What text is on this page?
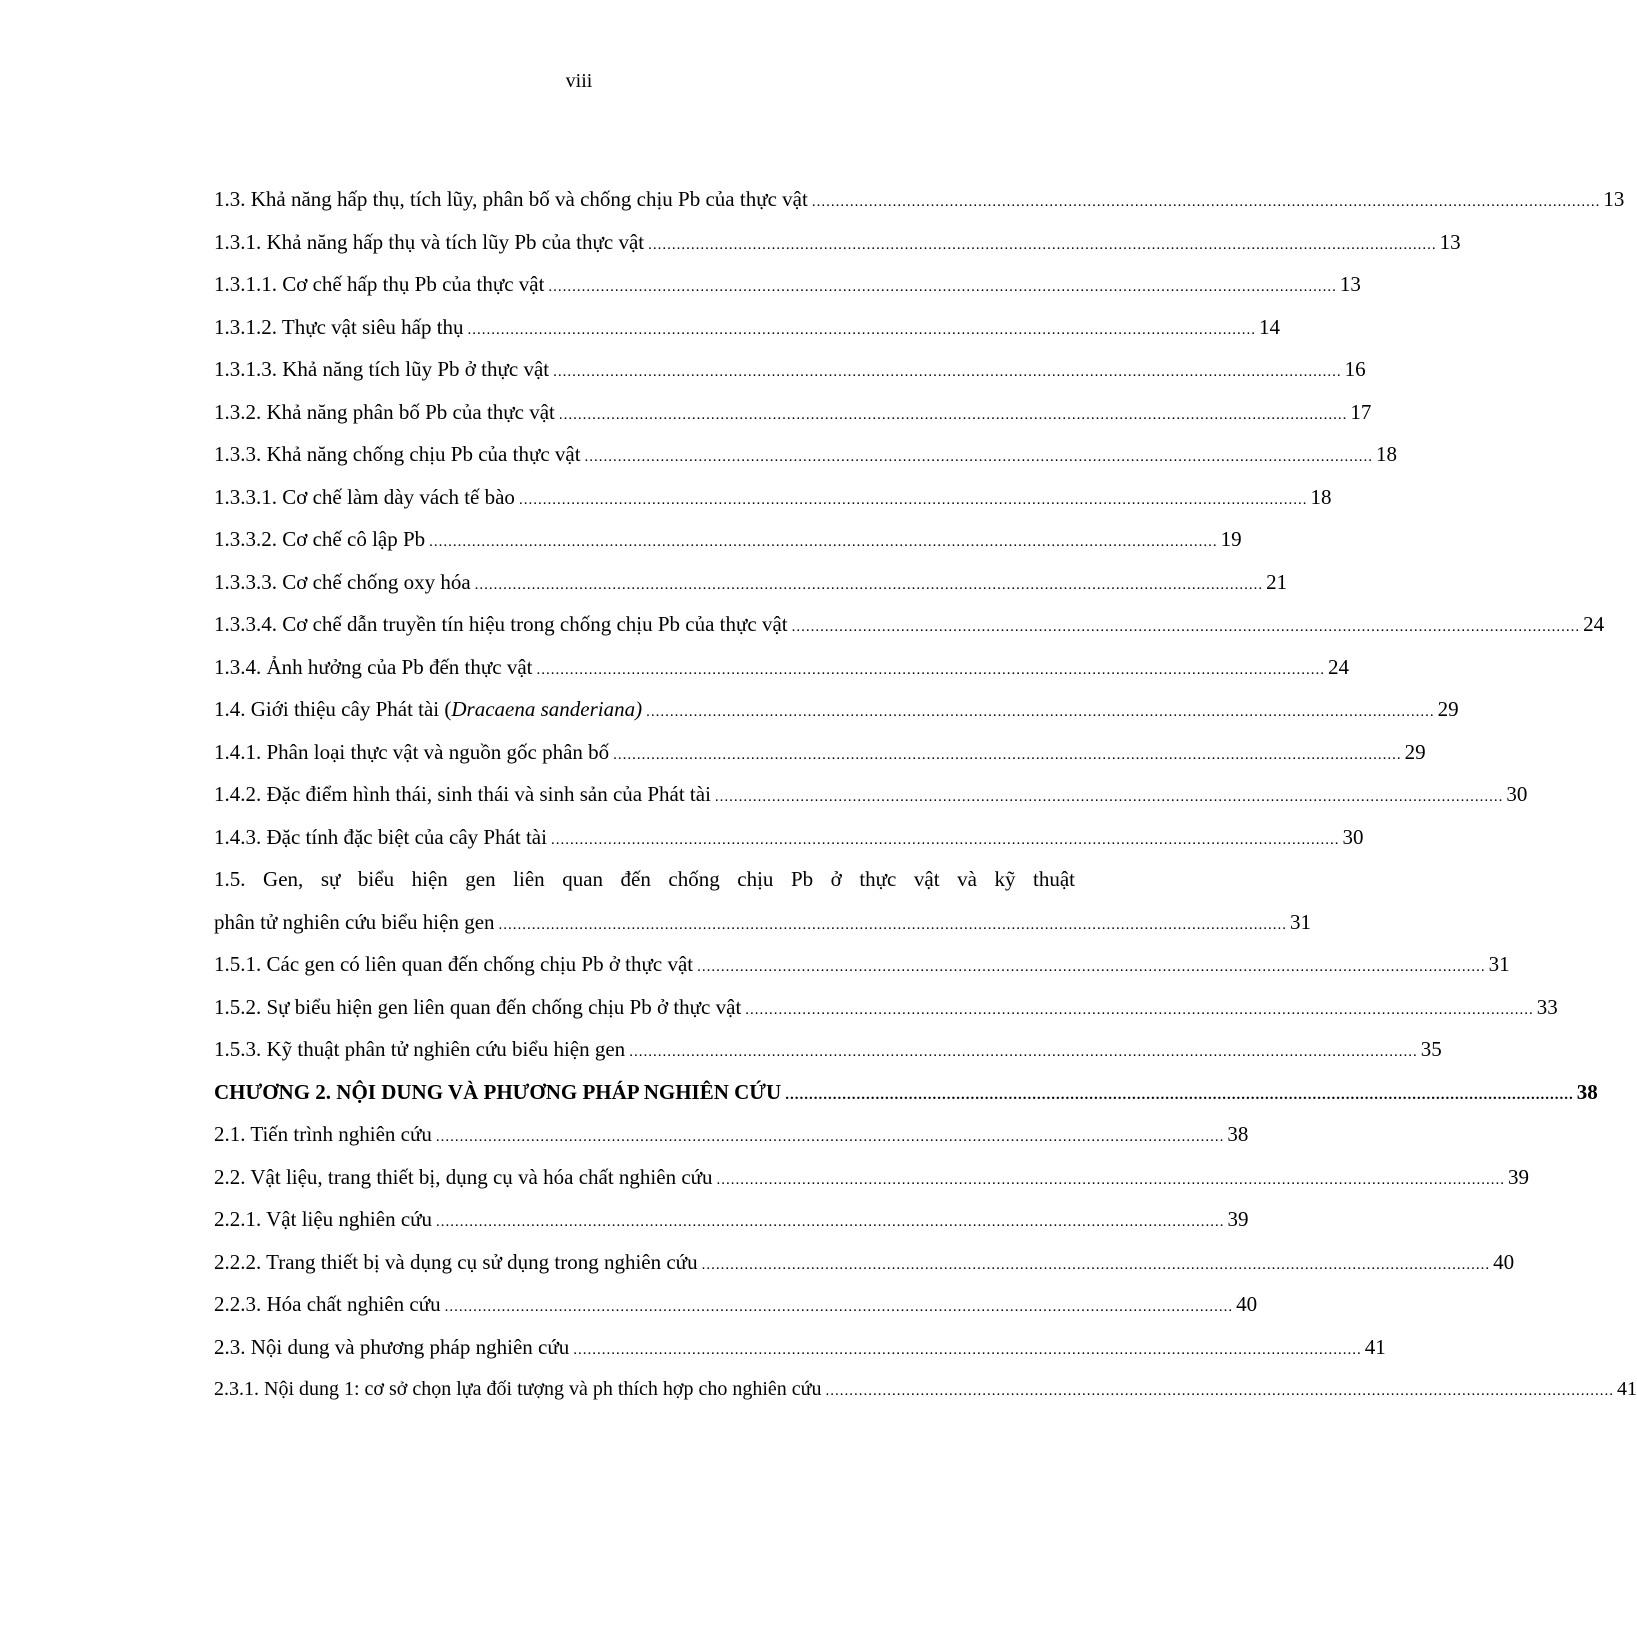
viii
1.3. Khả năng hấp thụ, tích lũy, phân bố và chống chịu Pb của thực vật ...................................................................................................................................................................... 13
1.3.1. Khả năng hấp thụ và tích lũy Pb của thực vật ...................................................................................................................................................................... 13
1.3.1.1. Cơ chế hấp thụ Pb của thực vật ...................................................................................................................................................................... 13
1.3.1.2. Thực vật siêu hấp thụ ...................................................................................................................................................................... 14
1.3.1.3. Khả năng tích lũy Pb ở thực vật ...................................................................................................................................................................... 16
1.3.2. Khả năng phân bố Pb của thực vật ...................................................................................................................................................................... 17
1.3.3. Khả năng chống chịu Pb của thực vật ...................................................................................................................................................................... 18
1.3.3.1. Cơ chế làm dày vách tế bào ...................................................................................................................................................................... 18
1.3.3.2. Cơ chế cô lập Pb ...................................................................................................................................................................... 19
1.3.3.3. Cơ chế chống oxy hóa ...................................................................................................................................................................... 21
1.3.3.4. Cơ chế dẫn truyền tín hiệu trong chống chịu Pb của thực vật ...................................................................................................................................................................... 24
1.3.4. Ảnh hưởng của Pb đến thực vật ...................................................................................................................................................................... 24
1.4. Giới thiệu cây Phát tài (Dracaena sanderiana) ...................................................................................................................................................................... 29
1.4.1. Phân loại thực vật và nguồn gốc phân bố ...................................................................................................................................................................... 29
1.4.2. Đặc điểm hình thái, sinh thái và sinh sản của Phát tài ...................................................................................................................................................................... 30
1.4.3. Đặc tính đặc biệt của cây Phát tài ...................................................................................................................................................................... 30
1.5. Gen, sự biểu hiện gen liên quan đến chống chịu Pb ở thực vật và kỹ thuật
phân tử nghiên cứu biểu hiện gen ...................................................................................................................................................................... 31
1.5.1. Các gen có liên quan đến chống chịu Pb ở thực vật ...................................................................................................................................................................... 31
1.5.2. Sự biểu hiện gen liên quan đến chống chịu Pb ở thực vật ...................................................................................................................................................................... 33
1.5.3. Kỹ thuật phân tử nghiên cứu biểu hiện gen ...................................................................................................................................................................... 35
CHƯƠNG 2. NỘI DUNG VÀ PHƯƠNG PHÁP NGHIÊN CỨU ...................................................................................................................................................................... 38
2.1. Tiến trình nghiên cứu ...................................................................................................................................................................... 38
2.2. Vật liệu, trang thiết bị, dụng cụ và hóa chất nghiên cứu ...................................................................................................................................................................... 39
2.2.1. Vật liệu nghiên cứu ...................................................................................................................................................................... 39
2.2.2. Trang thiết bị và dụng cụ sử dụng trong nghiên cứu ...................................................................................................................................................................... 40
2.2.3. Hóa chất nghiên cứu ...................................................................................................................................................................... 40
2.3. Nội dung và phương pháp nghiên cứu ...................................................................................................................................................................... 41
2.3.1. Nội dung 1: cơ sở chọn lựa đối tượng và ph thích hợp cho nghiên cứu ...................................................................................................................................................................... 41
